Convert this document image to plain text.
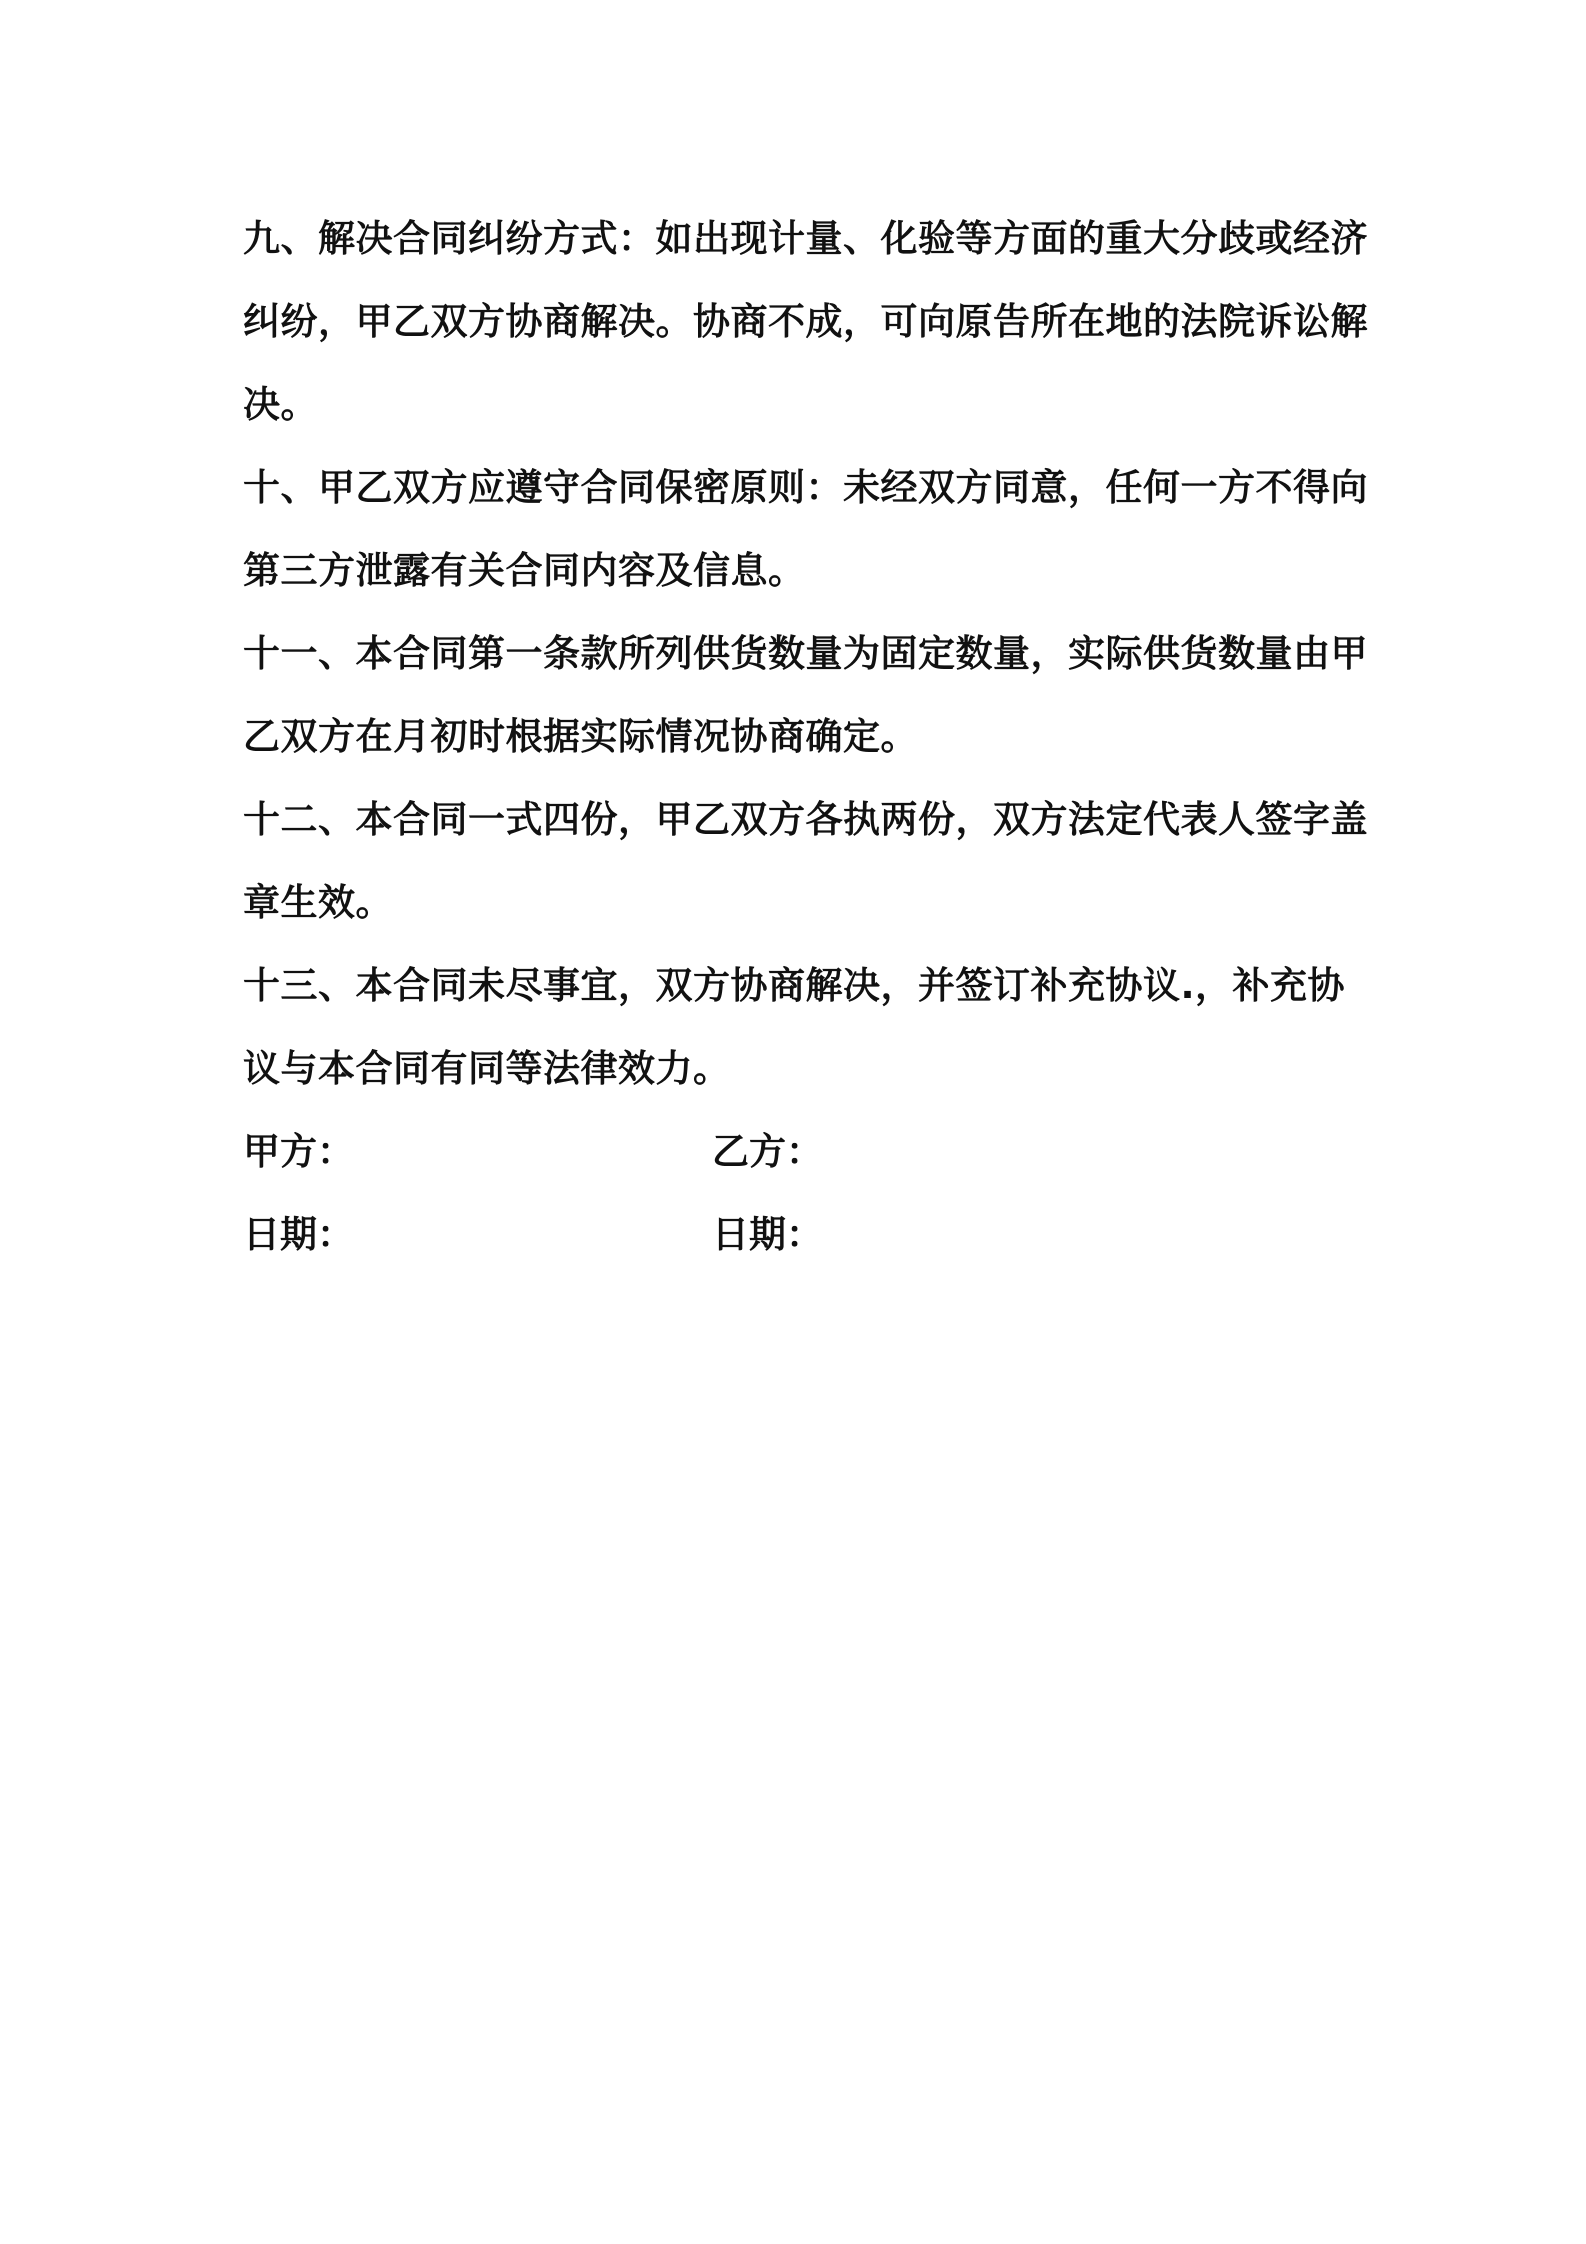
九、解决合同纠纷方式：如出现计量、化验等方面的重大分歧或经济

纠纷，甲乙双方协商解决。协商不成，可向原告所在地的法院诉讼解

决。

十、甲乙双方应遵守合同保密原则：未经双方同意，任何一方不得向

第三方泄露有关合同内容及信息。

十一、本合同第一条款所列供货数量为固定数量，实际供货数量由甲

乙双方在月初时根据实际情况协商确定。

十二、本合同一式四份，甲乙双方各执两份，双方法定代表人签字盖

章生效。

十三、本合同未尽事宜，双方协商解决，并签订补充协议.，补充协

议与本合同有同等法律效力。

甲方：	乙方：
日期：	日期：
